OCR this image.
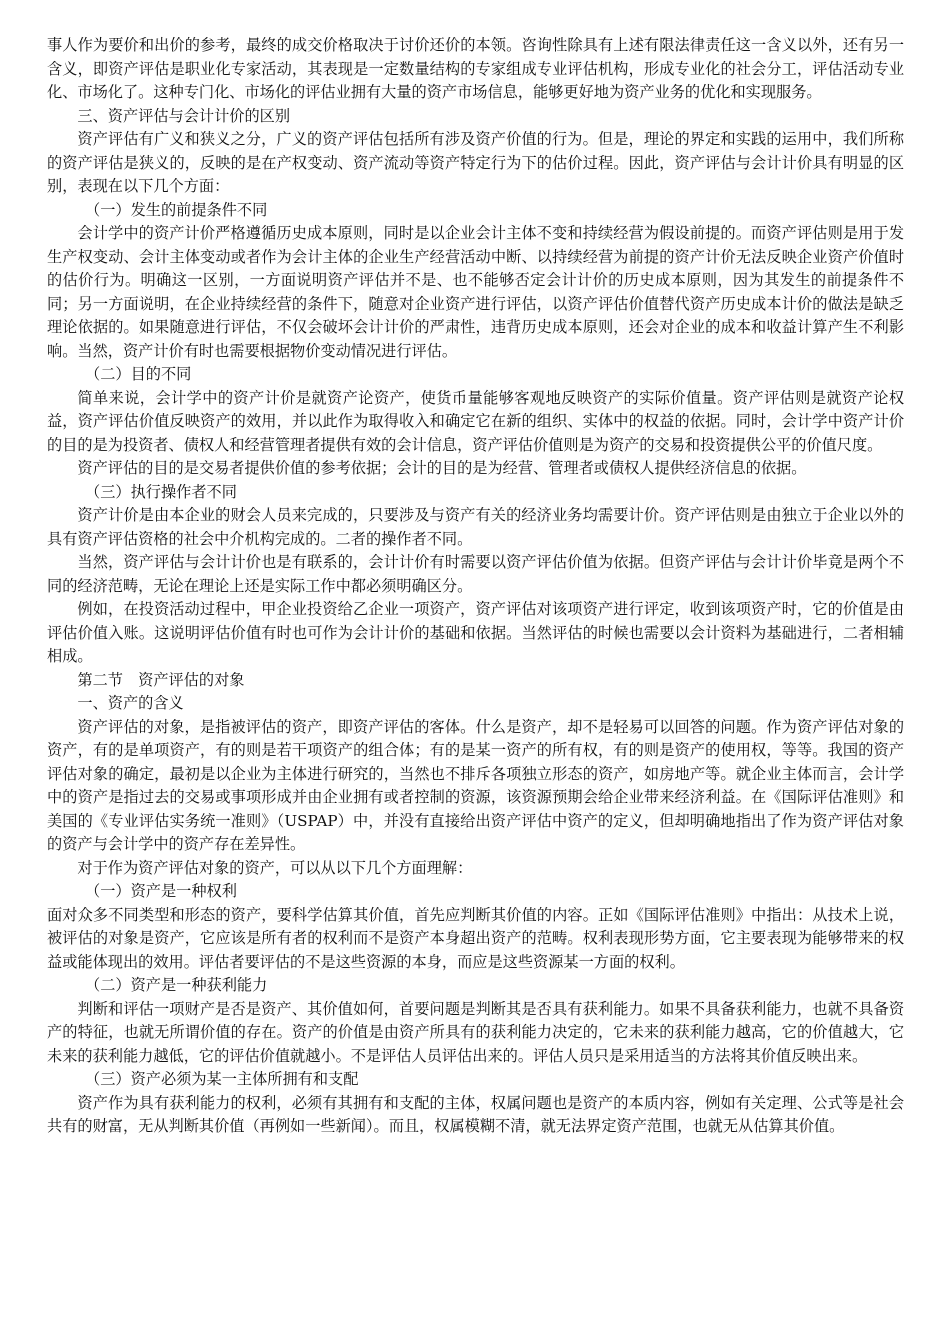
事人作为要价和出价的参考，最终的成交价格取决于讨价还价的本领。咨询性除具有上述有限法律责任这一含义以外，还有另一含义，即资产评估是职业化专家活动，其表现是一定数量结构的专家组成专业评估机构，形成专业化的社会分工，评估活动专业化、市场化了。这种专门化、市场化的评估业拥有大量的资产市场信息，能够更好地为资产业务的优化和实现服务。

三、资产评估与会计计价的区别

资产评估有广义和狭义之分，广义的资产评估包括所有涉及资产价值的行为。但是，理论的界定和实践的运用中，我们所称的资产评估是狭义的，反映的是在产权变动、资产流动等资产特定行为下的估价过程。因此，资产评估与会计计价具有明显的区别，表现在以下几个方面：

（一）发生的前提条件不同

会计学中的资产计价严格遵循历史成本原则，同时是以企业会计主体不变和持续经营为假设前提的。而资产评估则是用于发生产权变动、会计主体变动或者作为会计主体的企业生产经营活动中断、以持续经营为前提的资产计价无法反映企业资产价值时的估价行为。明确这一区别，一方面说明资产评估并不是、也不能够否定会计计价的历史成本原则，因为其发生的前提条件不同；另一方面说明，在企业持续经营的条件下，随意对企业资产进行评估，以资产评估价值替代资产历史成本计价的做法是缺乏理论依据的。如果随意进行评估，不仅会破坏会计计价的严肃性，违背历史成本原则，还会对企业的成本和收益计算产生不利影响。当然，资产计价有时也需要根据物价变动情况进行评估。

（二）目的不同

简单来说，会计学中的资产计价是就资产论资产，使货币量能够客观地反映资产的实际价值量。资产评估则是就资产论权益，资产评估价值反映资产的效用，并以此作为取得收入和确定它在新的组织、实体中的权益的依据。同时，会计学中资产计价的目的是为投资者、债权人和经营管理者提供有效的会计信息，资产评估价值则是为资产的交易和投资提供公平的价值尺度。

资产评估的目的是交易者提供价值的参考依据；会计的目的是为经营、管理者或债权人提供经济信息的依据。

（三）执行操作者不同

资产计价是由本企业的财会人员来完成的，只要涉及与资产有关的经济业务均需要计价。资产评估则是由独立于企业以外的具有资产评估资格的社会中介机构完成的。二者的操作者不同。

当然，资产评估与会计计价也是有联系的，会计计价有时需要以资产评估价值为依据。但资产评估与会计计价毕竟是两个不同的经济范畴，无论在理论上还是实际工作中都必须明确区分。

例如，在投资活动过程中，甲企业投资给乙企业一项资产，资产评估对该项资产进行评定，收到该项资产时，它的价值是由评估价值入账。这说明评估价值有时也可作为会计计价的基础和依据。当然评估的时候也需要以会计资料为基础进行，二者相辅相成。

第二节　资产评估的对象

一、资产的含义

资产评估的对象，是指被评估的资产，即资产评估的客体。什么是资产，却不是轻易可以回答的问题。作为资产评估对象的资产，有的是单项资产，有的则是若干项资产的组合体；有的是某一资产的所有权，有的则是资产的使用权，等等。我国的资产评估对象的确定，最初是以企业为主体进行研究的，当然也不排斥各项独立形态的资产，如房地产等。就企业主体而言，会计学中的资产是指过去的交易或事项形成并由企业拥有或者控制的资源，该资源预期会给企业带来经济利益。在《国际评估准则》和美国的《专业评估实务统一准则》（USPAP）中，并没有直接给出资产评估中资产的定义，但却明确地指出了作为资产评估对象的资产与会计学中的资产存在差异性。

对于作为资产评估对象的资产，可以从以下几个方面理解：

（一）资产是一种权利

面对众多不同类型和形态的资产，要科学估算其价值，首先应判断其价值的内容。正如《国际评估准则》中指出：从技术上说，被评估的对象是资产，它应该是所有者的权利而不是资产本身超出资产的范畴。权利表现形势方面，它主要表现为能够带来的权益或能体现出的效用。评估者要评估的不是这些资源的本身，而应是这些资源某一方面的权利。

（二）资产是一种获利能力

判断和评估一项财产是否是资产、其价值如何，首要问题是判断其是否具有获利能力。如果不具备获利能力，也就不具备资产的特征，也就无所谓价值的存在。资产的价值是由资产所具有的获利能力决定的，它未来的获利能力越高，它的价值越大，它未来的获利能力越低，它的评估价值就越小。不是评估人员评估出来的。评估人员只是采用适当的方法将其价值反映出来。

（三）资产必须为某一主体所拥有和支配

资产作为具有获利能力的权利，必须有其拥有和支配的主体，权属问题也是资产的本质内容，例如有关定理、公式等是社会共有的财富，无从判断其价值（再例如一些新闻）。而且，权属模糊不清，就无法界定资产范围，也就无从估算其价值。
